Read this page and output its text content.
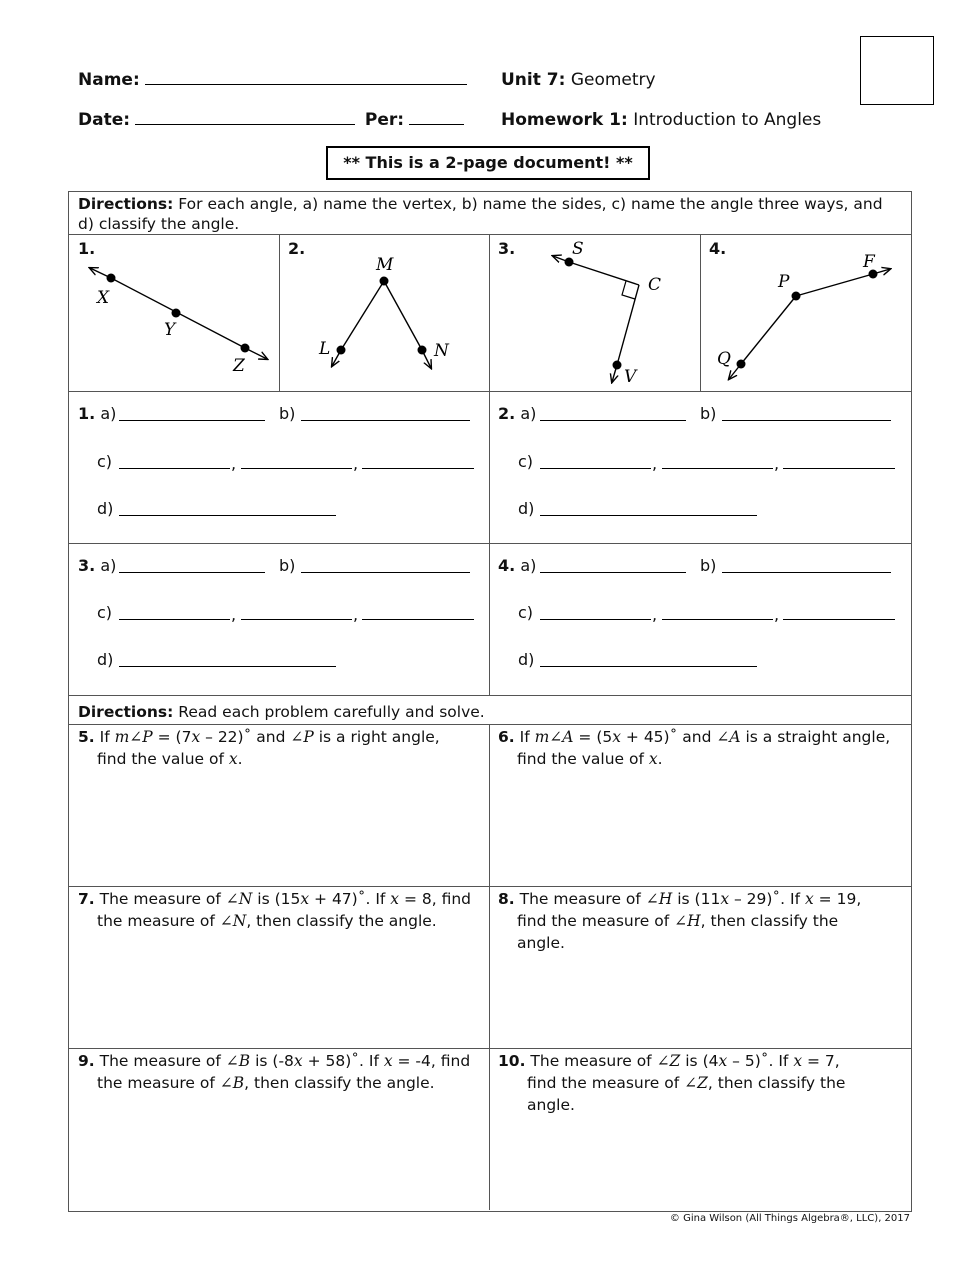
Name:
Date:	Per:
Unit 7: Geometry
Homework 1: Introduction to Angles
** This is a 2-page document! **
Directions: For each angle, a) name the vertex, b) name the sides, c) name the angle three ways, and d) classify the angle.
1.	2.	3.	4.
X
Y
Z
M
L	N
S
C
V
F
P
Q
1. a)	b)
c)	,	,
d)
2. a)	b)
c)	,	,
d)
3. a)	b)
c)	,	,
d)
4. a)	b)
c)	,	,
d)
Directions: Read each problem carefully and solve.
5. If m∠P = (7x – 22)˚ and ∠P is a right angle,
find the value of x.
6. If m∠A = (5x + 45)˚ and ∠A is a straight angle,
find the value of x.
7. The measure of ∠N is (15x + 47)˚. If x = 8, find
the measure of ∠N, then classify the angle.
8. The measure of ∠H is (11x – 29)˚. If x = 19,
find the measure of ∠H, then classify the
angle.
9. The measure of ∠B is (-8x + 58)˚. If x = -4, find
the measure of ∠B, then classify the angle.
10. The measure of ∠Z is (4x – 5)˚. If x = 7,
find the measure of ∠Z, then classify the
angle.
© Gina Wilson (All Things Algebra®, LLC), 2017
